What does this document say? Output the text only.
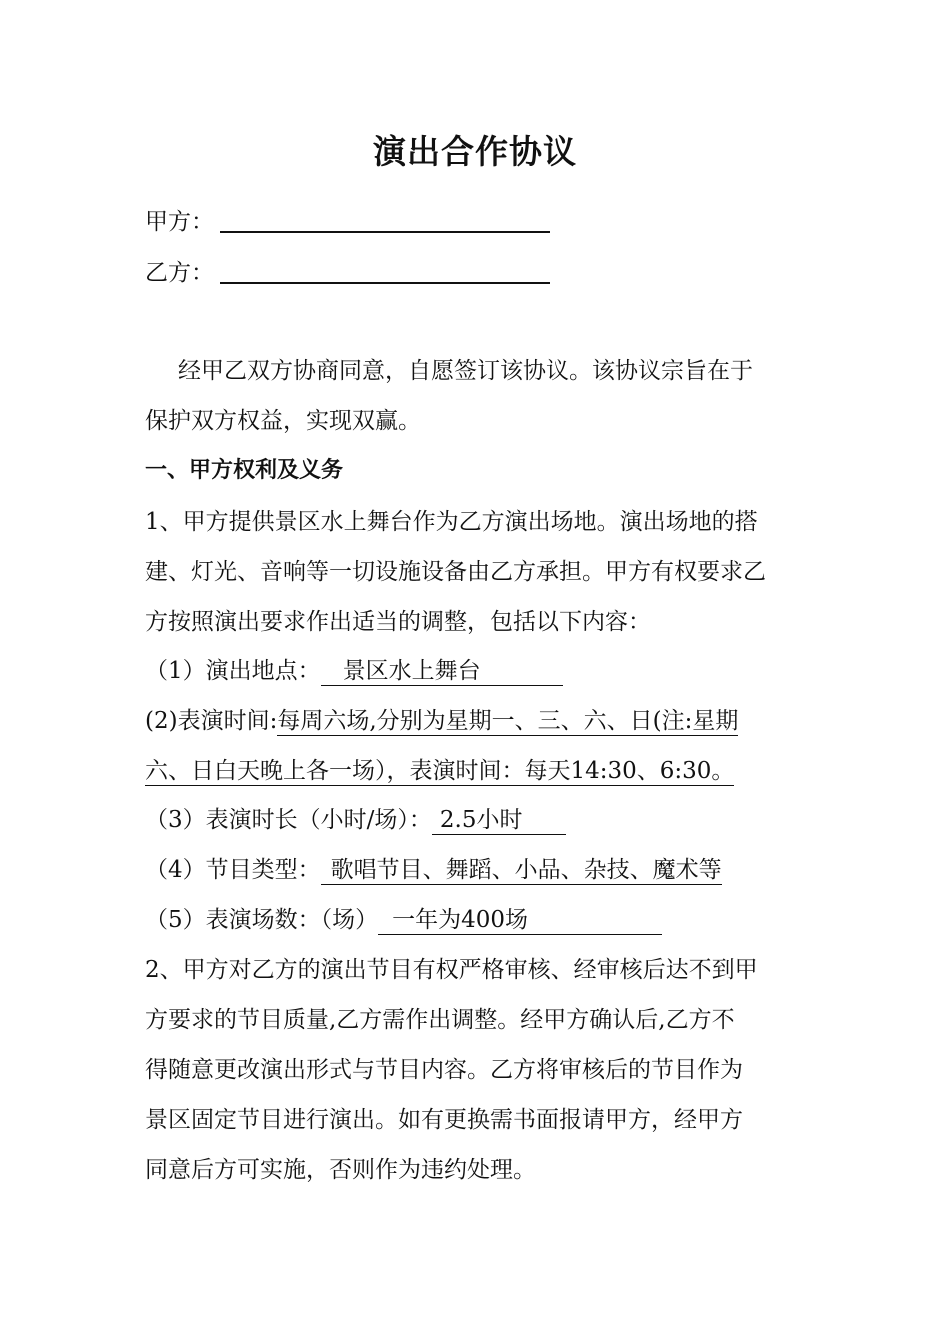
演出合作协议
甲方：
乙方：
经甲乙双方协商同意，自愿签订该协议。该协议宗旨在于
保护双方权益，实现双赢。
一、甲方权利及义务
1、甲方提供景区水上舞台作为乙方演出场地。演出场地的搭
建、灯光、音响等一切设施设备由乙方承担。甲方有权要求乙
方按照演出要求作出适当的调整，包括以下内容：
（1）演出地点： 景区水上舞台
(2)表演时间:每周六场,分别为星期一、三、六、日(注:星期
六、日白天晚上各一场），表演时间：每天14:30、6:30。
（3）表演时长（小时/场）： 2.5小时
（4）节目类型： 歌唱节目、舞蹈、小品、杂技、魔术等
（5）表演场数：（场） 一年为400场
2、甲方对乙方的演出节目有权严格审核、经审核后达不到甲
方要求的节目质量,乙方需作出调整。经甲方确认后,乙方不
得随意更改演出形式与节目内容。乙方将审核后的节目作为
景区固定节目进行演出。如有更换需书面报请甲方，经甲方
同意后方可实施，否则作为违约处理。
